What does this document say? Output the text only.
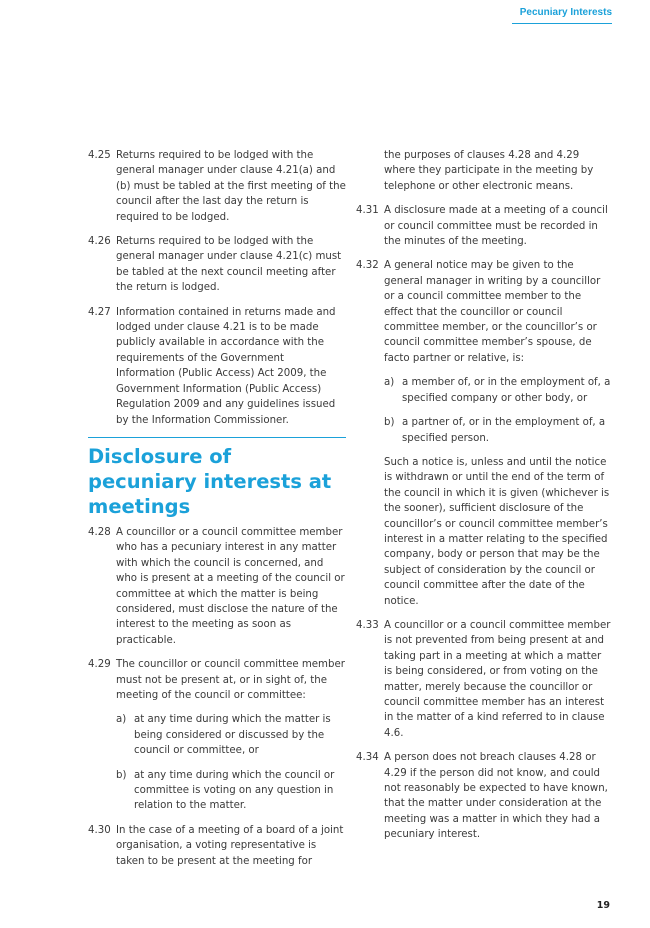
Pecuniary Interests
4.25 Returns required to be lodged with the general manager under clause 4.21(a) and (b) must be tabled at the first meeting of the council after the last day the return is required to be lodged.
4.26 Returns required to be lodged with the general manager under clause 4.21(c) must be tabled at the next council meeting after the return is lodged.
4.27 Information contained in returns made and lodged under clause 4.21 is to be made publicly available in accordance with the requirements of the Government Information (Public Access) Act 2009, the Government Information (Public Access) Regulation 2009 and any guidelines issued by the Information Commissioner.
Disclosure of pecuniary interests at meetings
4.28 A councillor or a council committee member who has a pecuniary interest in any matter with which the council is concerned, and who is present at a meeting of the council or committee at which the matter is being considered, must disclose the nature of the interest to the meeting as soon as practicable.
4.29 The councillor or council committee member must not be present at, or in sight of, the meeting of the council or committee:
a) at any time during which the matter is being considered or discussed by the council or committee, or
b) at any time during which the council or committee is voting on any question in relation to the matter.
4.30 In the case of a meeting of a board of a joint organisation, a voting representative is taken to be present at the meeting for
the purposes of clauses 4.28 and 4.29 where they participate in the meeting by telephone or other electronic means.
4.31 A disclosure made at a meeting of a council or council committee must be recorded in the minutes of the meeting.
4.32 A general notice may be given to the general manager in writing by a councillor or a council committee member to the effect that the councillor or council committee member, or the councillor’s or council committee member’s spouse, de facto partner or relative, is:
a) a member of, or in the employment of, a specified company or other body, or
b) a partner of, or in the employment of, a specified person.
Such a notice is, unless and until the notice is withdrawn or until the end of the term of the council in which it is given (whichever is the sooner), sufficient disclosure of the councillor’s or council committee member’s interest in a matter relating to the specified company, body or person that may be the subject of consideration by the council or council committee after the date of the notice.
4.33 A councillor or a council committee member is not prevented from being present at and taking part in a meeting at which a matter is being considered, or from voting on the matter, merely because the councillor or council committee member has an interest in the matter of a kind referred to in clause 4.6.
4.34 A person does not breach clauses 4.28 or 4.29 if the person did not know, and could not reasonably be expected to have known, that the matter under consideration at the meeting was a matter in which they had a pecuniary interest.
19
